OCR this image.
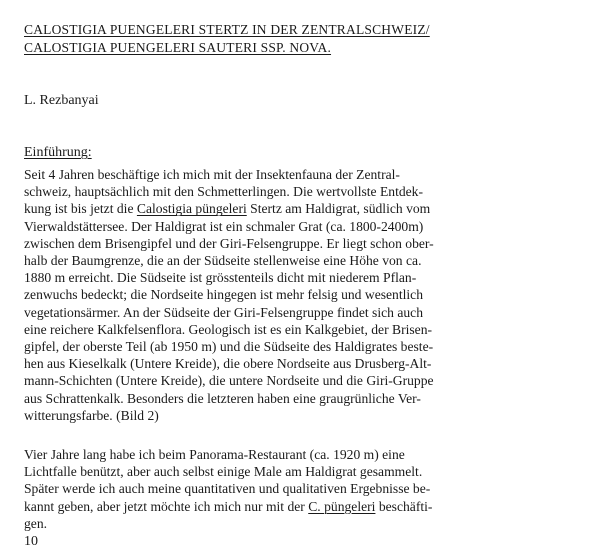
CALOSTIGIA PUENGELERI STERTZ IN DER ZENTRALSCHWEIZ/
CALOSTIGIA PUENGELERI SAUTERI SSP. NOVA.
L. Rezbanyai
Einführung:
Seit 4 Jahren beschäftige ich mich mit der Insektenfauna der Zentral-
schweiz, hauptsächlich mit den Schmetterlingen. Die wertvollste Entdek-
kung ist bis jetzt die Calostigia püngeleri Stertz am Haldigrat, südlich vom
Vierwaldstättersee. Der Haldigrat ist ein schmaler Grat (ca. 1800-2400m)
zwischen dem Brisengipfel und der Giri-Felsengruppe. Er liegt schon ober-
halb der Baumgrenze, die an der Südseite stellenweise eine Höhe von ca.
1880 m erreicht. Die Südseite ist grösstenteils dicht mit niederem Pflan-
zenwuchs bedeckt; die Nordseite hingegen ist mehr felsig und wesentlich
vegetationsärmer. An der Südseite der Giri-Felsengruppe findet sich auch
eine reichere Kalkfelsenflora. Geologisch ist es ein Kalkgebiet, der Brisen-
gipfel, der oberste Teil (ab 1950 m) und die Südseite des Haldigrates beste-
hen aus Kieselkalk (Untere Kreide), die obere Nordseite aus Drusberg-Alt-
mann-Schichten (Untere Kreide), die untere Nordseite und die Giri-Gruppe
aus Schrattenkalk. Besonders die letzteren haben eine graugrünliche Ver-
witterungsfarbe. (Bild 2)
Vier Jahre lang habe ich beim Panorama-Restaurant (ca. 1920 m) eine
Lichtfalle benützt, aber auch selbst einige Male am Haldigrat gesammelt.
Später werde ich auch meine quantitativen und qualitativen Ergebnisse be-
kannt geben, aber jetzt möchte ich mich nur mit der C. püngeleri beschäfti-
gen.
10
